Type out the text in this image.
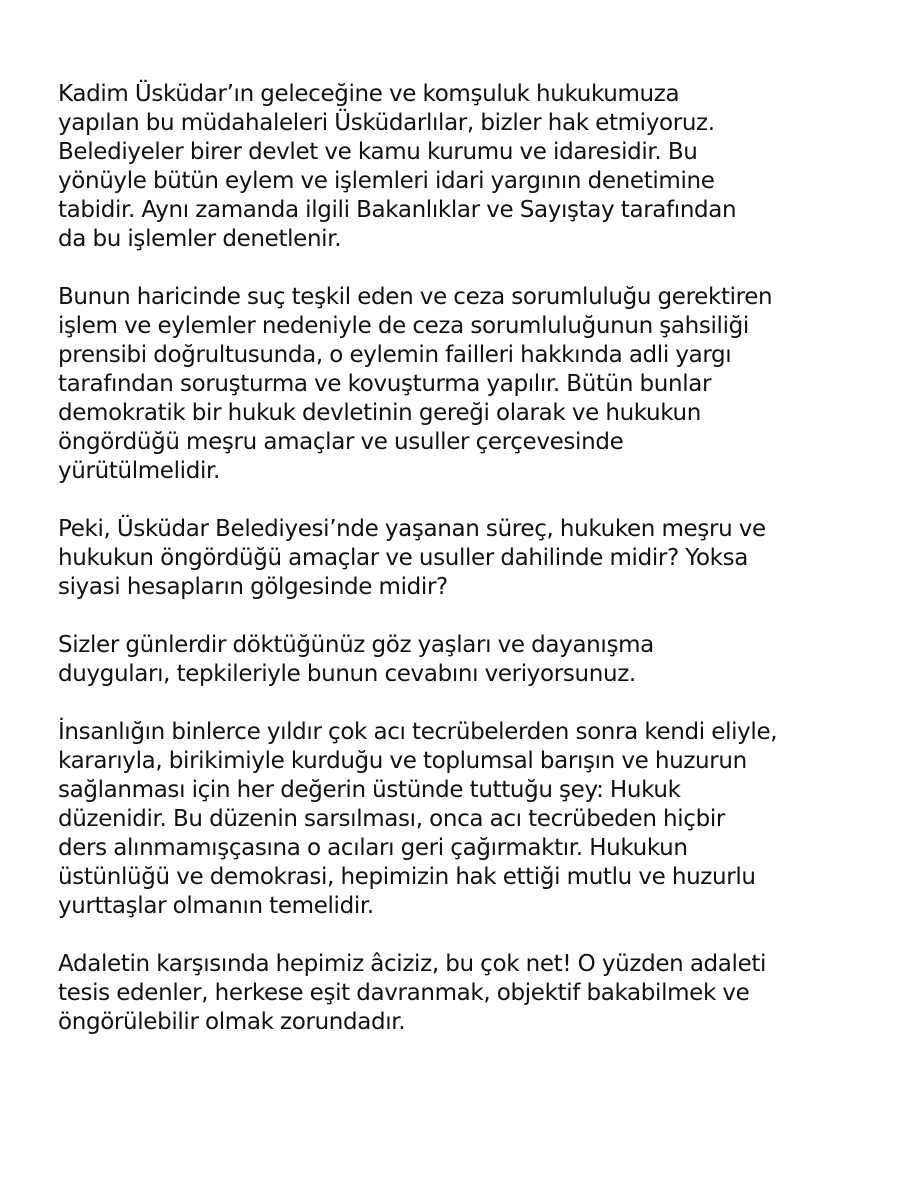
Kadim Üsküdar’ın geleceğine ve komşuluk hukukumuza
yapılan bu müdahaleleri Üsküdarlılar, bizler hak etmiyoruz.
Belediyeler birer devlet ve kamu kurumu ve idaresidir. Bu
yönüyle bütün eylem ve işlemleri idari yargının denetimine
tabidir. Aynı zamanda ilgili Bakanlıklar ve Sayıştay tarafından
da bu işlemler denetlenir.

Bunun haricinde suç teşkil eden ve ceza sorumluluğu gerektiren
işlem ve eylemler nedeniyle de ceza sorumluluğunun şahsiliği
prensibi doğrultusunda, o eylemin failleri hakkında adli yargı
tarafından soruşturma ve kovuşturma yapılır. Bütün bunlar
demokratik bir hukuk devletinin gereği olarak ve hukukun
öngördüğü meşru amaçlar ve usuller çerçevesinde
yürütülmelidir.

Peki, Üsküdar Belediyesi’nde yaşanan süreç, hukuken meşru ve
hukukun öngördüğü amaçlar ve usuller dahilinde midir? Yoksa
siyasi hesapların gölgesinde midir?

Sizler günlerdir döktüğünüz göz yaşları ve dayanışma
duyguları, tepkileriyle bunun cevabını veriyorsunuz.

İnsanlığın binlerce yıldır çok acı tecrübelerden sonra kendi eliyle,
kararıyla, birikimiyle kurduğu ve toplumsal barışın ve huzurun
sağlanması için her değerin üstünde tuttuğu şey: Hukuk
düzenidir. Bu düzenin sarsılması, onca acı tecrübeden hiçbir
ders alınmamışçasına o acıları geri çağırmaktır. Hukukun
üstünlüğü ve demokrasi, hepimizin hak ettiği mutlu ve huzurlu
yurttaşlar olmanın temelidir.

Adaletin karşısında hepimiz âciziz, bu çok net! O yüzden adaleti
tesis edenler, herkese eşit davranmak, objektif bakabilmek ve
öngörülebilir olmak zorundadır.
